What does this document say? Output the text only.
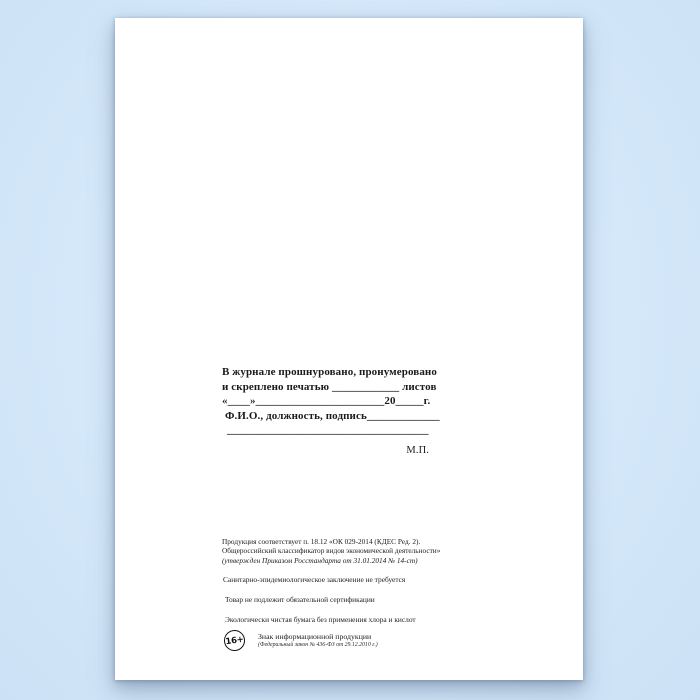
В журнале прошнуровано, пронумеровано
и скреплено печатью ____________ листов
«____»_______________________20_____г.
Ф.И.О., должность, подпись_____________
____________________________________
М.П.
Продукция соответствует п. 18.12 «ОК 029-2014 (КДЕС Ред. 2).
Общероссийский классификатор видов экономической деятельности»
(утвержден Приказом Росстандарта от 31.01.2014 № 14-ст)
Санитарно-эпидемиологическое заключение не требуется
Товар не подлежит обязательной сертификации
Экологически чистая бумага без применения хлора и кислот
16+ Знак информационной продукции
(Федеральный закон № 436-ФЗ от 29.12.2010 г.)
